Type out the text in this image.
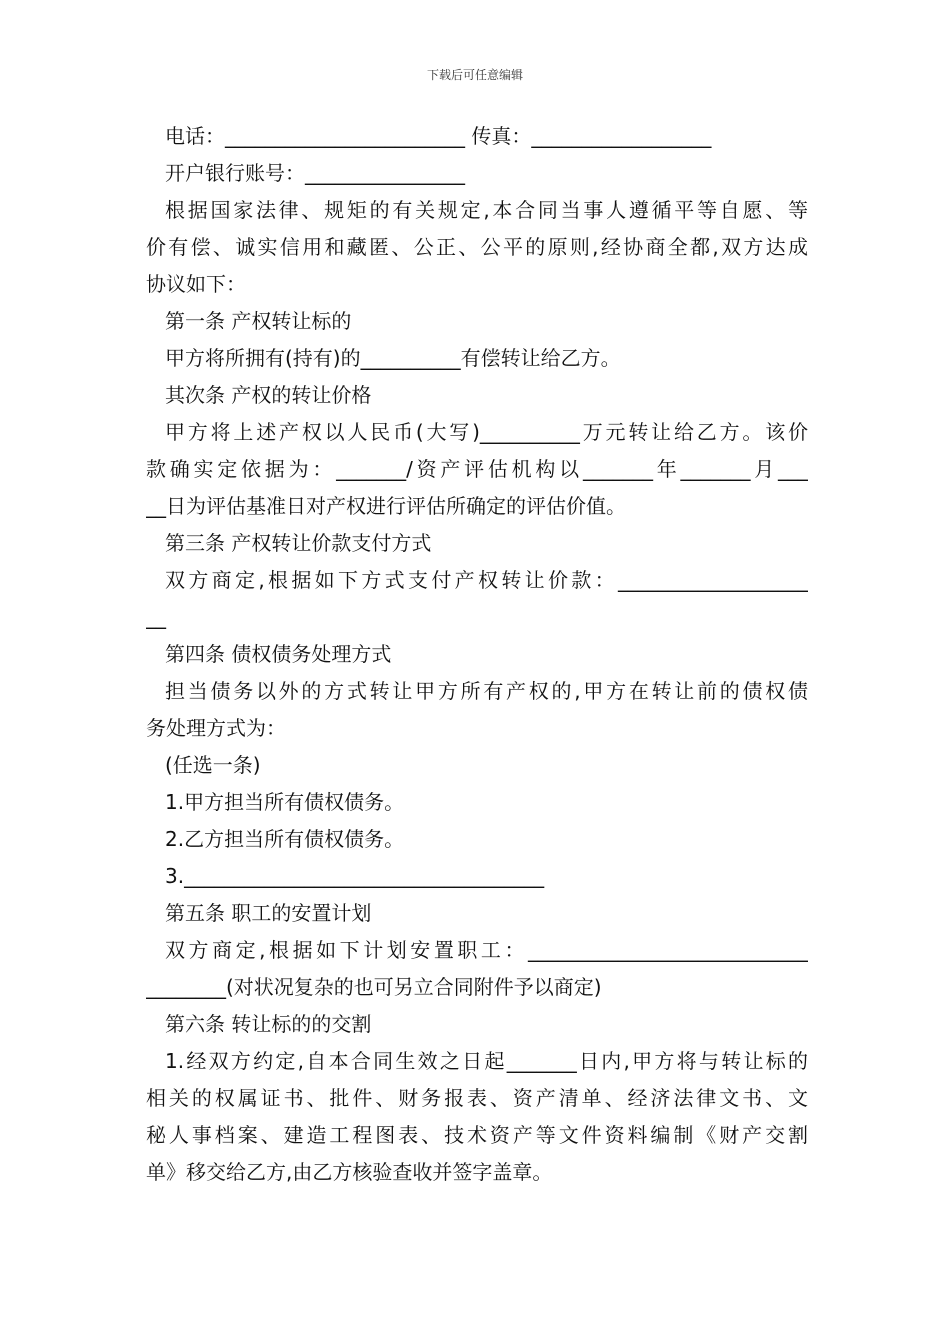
下载后可任意编辑
电话：________________________ 传真：__________________
开户银行账号：________________
根据国家法律、规矩的有关规定,本合同当事人遵循平等自愿、等
价有偿、诚实信用和藏匿、公正、公平的原则,经协商全都,双方达成
协议如下：
第一条 产权转让标的
甲方将所拥有(持有)的__________有偿转让给乙方。
其次条 产权的转让价格
甲方将上述产权以人民币(大写)__________万元转让给乙方。该价
款确实定依据为：_______/资产评估机构以_______年_______月___
__日为评估基准日对产权进行评估所确定的评估价值。
第三条 产权转让价款支付方式
双方商定,根据如下方式支付产权转让价款：___________________
__
第四条 债权债务处理方式
担当债务以外的方式转让甲方所有产权的,甲方在转让前的债权债
务处理方式为：
(任选一条)
1.甲方担当所有债权债务。
2.乙方担当所有债权债务。
3.____________________________________
第五条 职工的安置计划
双方商定,根据如下计划安置职工：____________________________
________(对状况复杂的也可另立合同附件予以商定)
第六条 转让标的的交割
1.经双方约定,自本合同生效之日起_______日内,甲方将与转让标的
相关的权属证书、批件、财务报表、资产清单、经济法律文书、文
秘人事档案、建造工程图表、技术资产等文件资料编制《财产交割
单》移交给乙方,由乙方核验查收并签字盖章。
